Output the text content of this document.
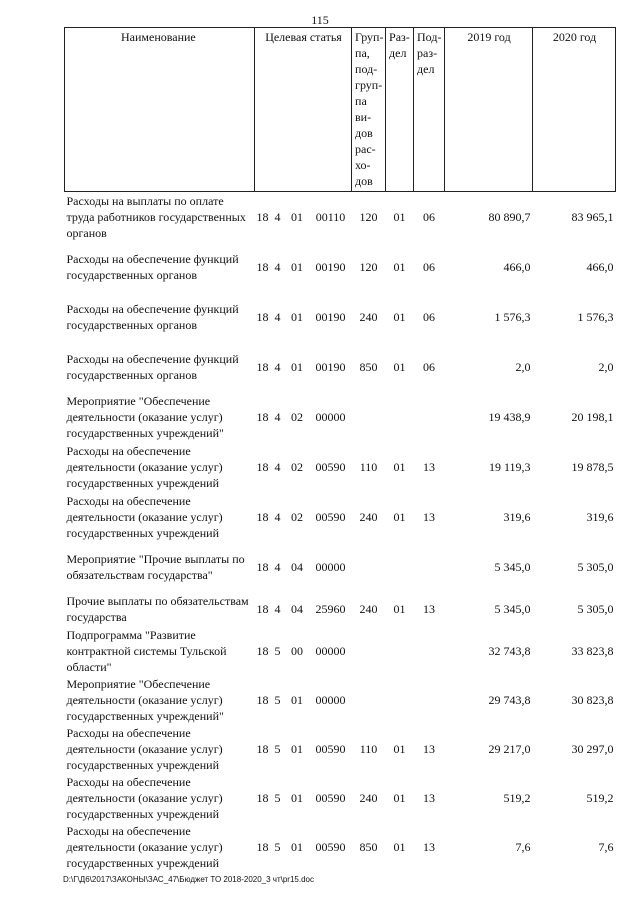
115
Наименование	Целевая статья				Груп-па, под-груп-па ви-дов рас-хо-дов	Раз-дел	Под-раз-дел	2019 год	2020 год
Расходы на выплаты по оплате труда работников государственных органов	18	4	01	00110	120	01	06	80 890,7	83 965,1
Расходы на обеспечение функций государственных органов	18	4	01	00190	120	01	06	466,0	466,0
Расходы на обеспечение функций государственных органов	18	4	01	00190	240	01	06	1 576,3	1 576,3
Расходы на обеспечение функций государственных органов	18	4	01	00190	850	01	06	2,0	2,0
Мероприятие "Обеспечение деятельности (оказание услуг) государственных учреждений"	18	4	02	00000				19 438,9	20 198,1
Расходы на обеспечение деятельности (оказание услуг) государственных учреждений	18	4	02	00590	110	01	13	19 119,3	19 878,5
Расходы на обеспечение деятельности (оказание услуг) государственных учреждений	18	4	02	00590	240	01	13	319,6	319,6
Мероприятие "Прочие выплаты по обязательствам государства"	18	4	04	00000				5 345,0	5 305,0
Прочие выплаты по обязательствам государства	18	4	04	25960	240	01	13	5 345,0	5 305,0
Подпрограмма "Развитие контрактной системы Тульской области"	18	5	00	00000				32 743,8	33 823,8
Мероприятие "Обеспечение деятельности (оказание услуг) государственных учреждений"	18	5	01	00000				29 743,8	30 823,8
Расходы на обеспечение деятельности (оказание услуг) государственных учреждений	18	5	01	00590	110	01	13	29 217,0	30 297,0
Расходы на обеспечение деятельности (оказание услуг) государственных учреждений	18	5	01	00590	240	01	13	519,2	519,2
Расходы на обеспечение деятельности (оказание услуг) государственных учреждений	18	5	01	00590	850	01	13	7,6	7,6
D:\Г\Д6\2017\ЗАКОНЫ\ЗАС_47\Бюджет ТО 2018-2020_3 чт\pr15.doc
